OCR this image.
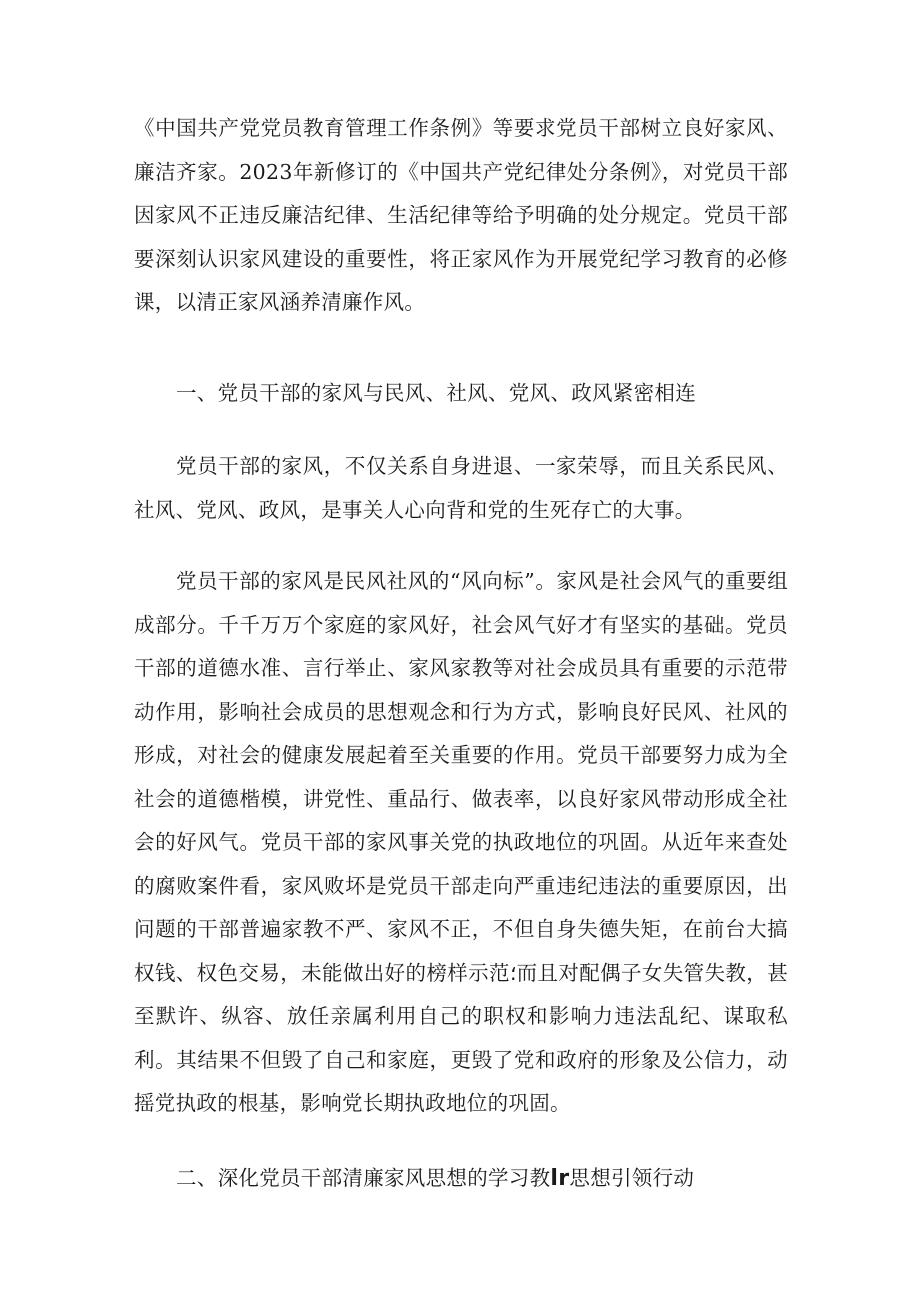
《中国共产党党员教育管理工作条例》等要求党员干部树立良好家风、廉洁齐家。2023年新修订的《中国共产党纪律处分条例》，对党员干部因家风不正违反廉洁纪律、生活纪律等给予明确的处分规定。党员干部要深刻认识家风建设的重要性，将正家风作为开展党纪学习教育的必修课，以清正家风涵养清廉作风。

一、党员干部的家风与民风、社风、党风、政风紧密相连

党员干部的家风，不仅关系自身进退、一家荣辱，而且关系民风、社风、党风、政风，是事关人心向背和党的生死存亡的大事。

党员干部的家风是民风社风的“风向标”。家风是社会风气的重要组成部分。千千万万个家庭的家风好，社会风气好才有坚实的基础。党员干部的道德水准、言行举止、家风家教等对社会成员具有重要的示范带动作用，影响社会成员的思想观念和行为方式，影响良好民风、社风的形成，对社会的健康发展起着至关重要的作用。党员干部要努力成为全社会的道德楷模，讲党性、重品行、做表率，以良好家风带动形成全社会的好风气。党员干部的家风事关党的执政地位的巩固。从近年来查处的腐败案件看，家风败坏是党员干部走向严重违纪违法的重要原因，出问题的干部普遍家教不严、家风不正，不但自身失德失矩，在前台大搞权钱、权色交易，未能做出好的榜样示范؛而且对配偶子女失管失教，甚至默许、纵容、放任亲属利用自己的职权和影响力违法乱纪、谋取私利。其结果不但毁了自己和家庭，更毁了党和政府的形象及公信力，动摇党执政的根基，影响党长期执政地位的巩固。

二、深化党员干部清廉家风思想的学习教lr思想引领行动
